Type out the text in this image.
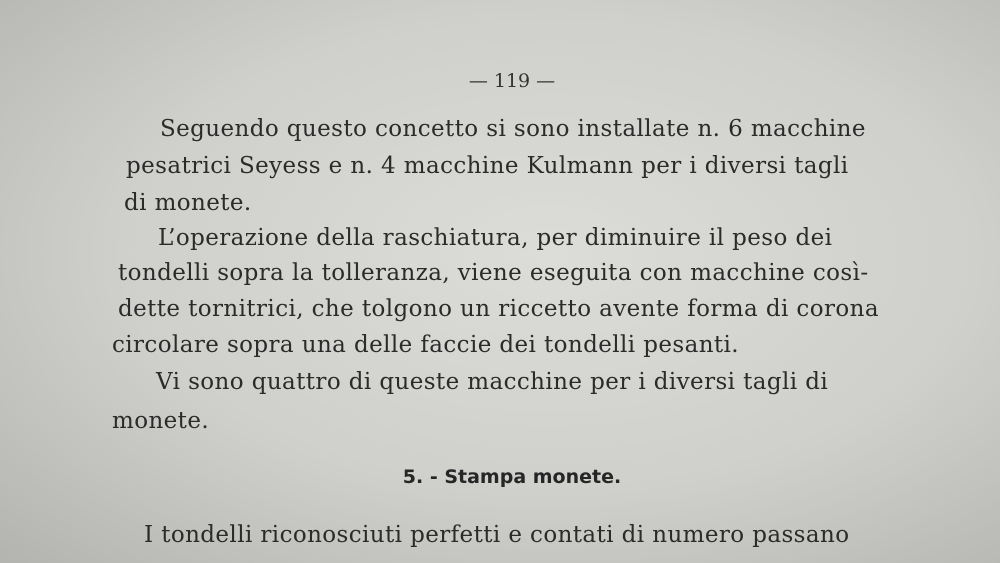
— 119 —
Seguendo questo concetto si sono installate n. 6 macchine
pesatrici Seyess e n. 4 macchine Kulmann per i diversi tagli
di monete.
L’operazione della raschiatura, per diminuire il peso dei
tondelli sopra la tolleranza, viene eseguita con macchine così-
dette tornitrici, che tolgono un riccetto avente forma di corona
circolare sopra una delle faccie dei tondelli pesanti.
Vi sono quattro di queste macchine per i diversi tagli di
monete.
5. - Stampa monete.
I tondelli riconosciuti perfetti e contati di numero passano
